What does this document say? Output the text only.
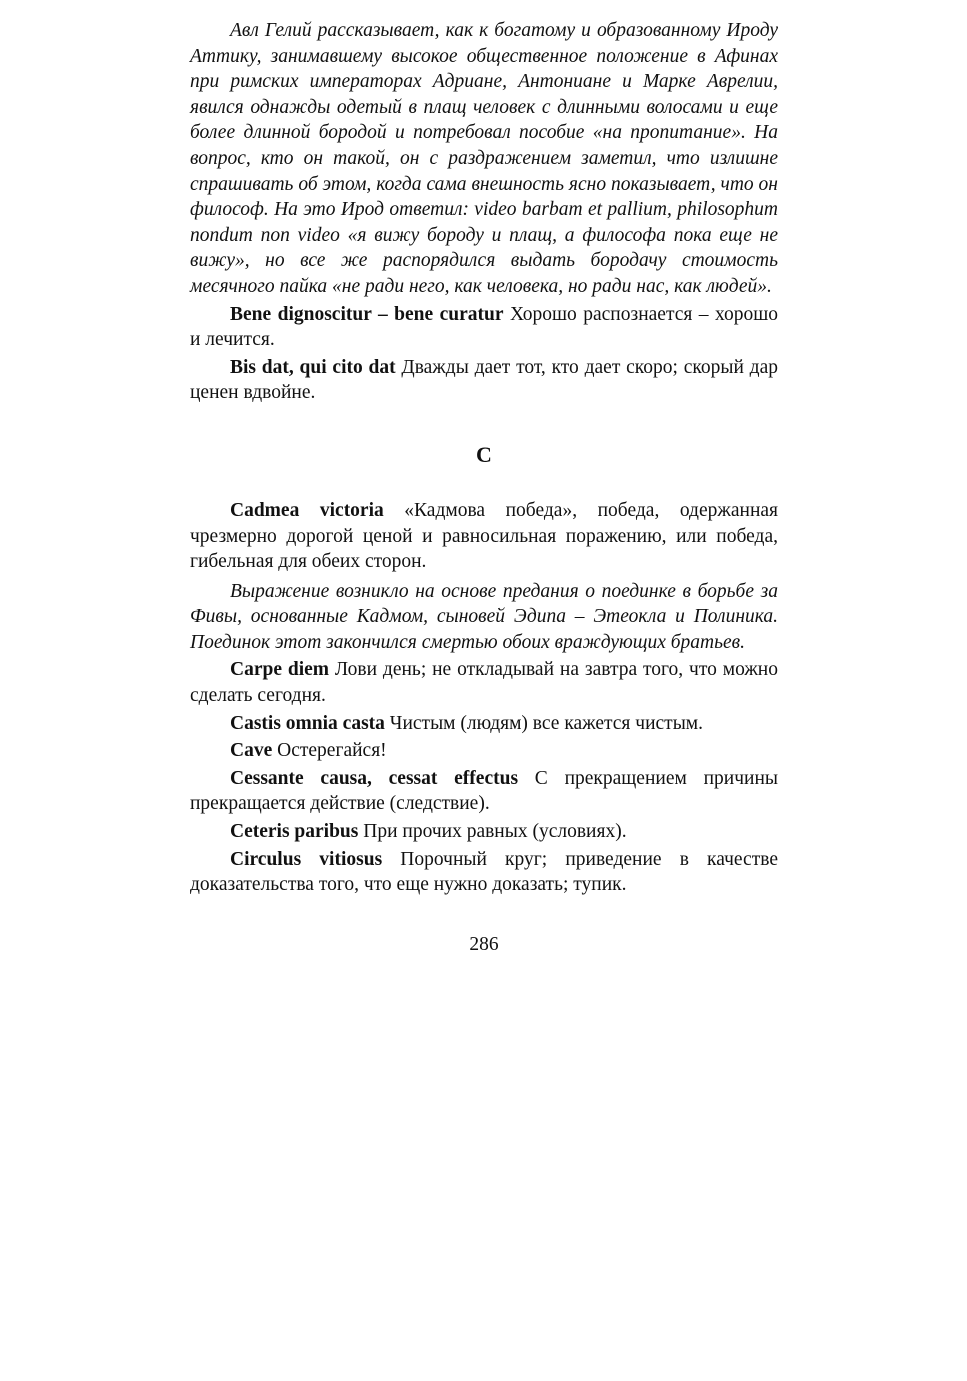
Авл Гелий рассказывает, как к богатому и образованному Ироду Аттику, занимавшему высокое общественное положение в Афинах при римских императорах Адриане, Антониане и Марке Аврелии, явился однажды одетый в плащ человек с длинными волосами и еще более длинной бородой и потребовал пособие «на пропитание». На вопрос, кто он такой, он с раздражением заметил, что излишне спрашивать об этом, когда сама внешность ясно показывает, что он философ. На это Ирод ответил: video barbam et pallium, philosophum nondum non video «я вижу бороду и плащ, а философа пока еще не вижу», но все же распорядился выдать бородачу стоимость месячного пайка «не ради него, как человека, но ради нас, как людей».

Bene dignoscitur – bene curatur Хорошо распознается – хорошо и лечится.

Bis dat, qui cito dat Дважды дает тот, кто дает скоро; скорый дар ценен вдвойне.

C

Cadmea victoria «Кадмова победа», победа, одержанная чрезмерно дорогой ценой и равносильная поражению, или победа, гибельная для обеих сторон.

Выражение возникло на основе предания о поединке в борьбе за Фивы, основанные Кадмом, сыновей Эдипа – Этеокла и Полиника. Поединок этот закончился смертью обоих враждующих братьев.

Carpe diem Лови день; не откладывай на завтра того, что можно сделать сегодня.

Castis omnia casta Чистым (людям) все кажется чистым.

Cave Остерегайся!

Cessante causa, cessat effectus С прекращением причины прекращается действие (следствие).

Ceteris paribus При прочих равных (условиях).

Circulus vitiosus Порочный круг; приведение в качестве доказательства того, что еще нужно доказать; тупик.

286
